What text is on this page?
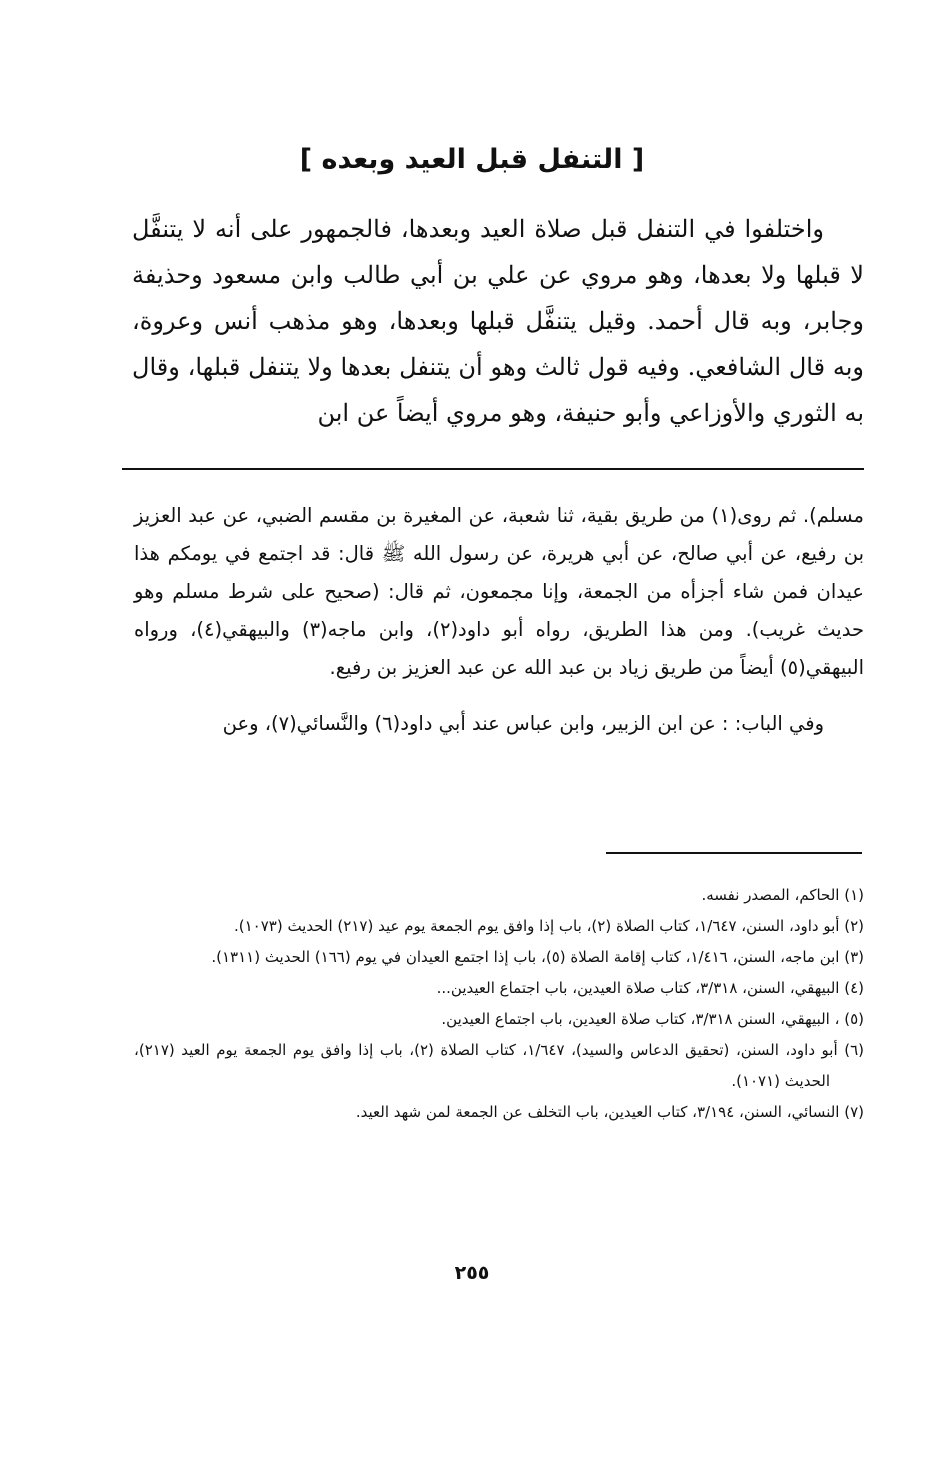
[ التنفل قبل العيد وبعده ]

واختلفوا في التنفل قبل صلاة العيد وبعدها، فالجمهور على أنه لا يتنفَّل لا قبلها ولا بعدها، وهو مروي عن علي بن أبي طالب وابن مسعود وحذيفة وجابر، وبه قال أحمد. وقيل يتنفَّل قبلها وبعدها، وهو مذهب أنس وعروة، وبه قال الشافعي. وفيه قول ثالث وهو أن يتنفل بعدها ولا يتنفل قبلها، وقال به الثوري والأوزاعي وأبو حنيفة، وهو مروي أيضاً عن ابن

مسلم). ثم روى(١) من طريق بقية، ثنا شعبة، عن المغيرة بن مقسم الضبي، عن عبد العزيز بن رفيع، عن أبي صالح، عن أبي هريرة، عن رسول الله ﷺ قال: قد اجتمع في يومكم هذا عيدان فمن شاء أجزأه من الجمعة، وإنا مجمعون، ثم قال: (صحيح على شرط مسلم وهو حديث غريب). ومن هذا الطريق، رواه أبو داود(٢)، وابن ماجه(٣) والبيهقي(٤)، ورواه البيهقي(٥) أيضاً من طريق زياد بن عبد الله عن عبد العزيز بن رفيع.

وفي الباب: : عن ابن الزبير، وابن عباس عند أبي داود(٦) والنَّسائي(٧)، وعن

(١) الحاكم، المصدر نفسه.
(٢) أبو داود، السنن، ١/٦٤٧، كتاب الصلاة (٢)، باب إذا وافق يوم الجمعة يوم عيد (٢١٧) الحديث (١٠٧٣).
(٣) ابن ماجه، السنن، ١/٤١٦، كتاب إقامة الصلاة (٥)، باب إذا اجتمع العيدان في يوم (١٦٦) الحديث (١٣١١).
(٤) البيهقي، السنن، ٣/٣١٨، كتاب صلاة العيدين، باب اجتماع العيدين...
(٥) ، البيهقي، السنن ٣/٣١٨، كتاب صلاة العيدين، باب اجتماع العيدين.
(٦) أبو داود، السنن، (تحقيق الدعاس والسيد)، ١/٦٤٧، كتاب الصلاة (٢)، باب إذا وافق يوم الجمعة يوم العيد (٢١٧)، الحديث (١٠٧١).
(٧) النسائي، السنن، ٣/١٩٤، كتاب العيدين، باب التخلف عن الجمعة لمن شهد العيد.
٢٥٥
